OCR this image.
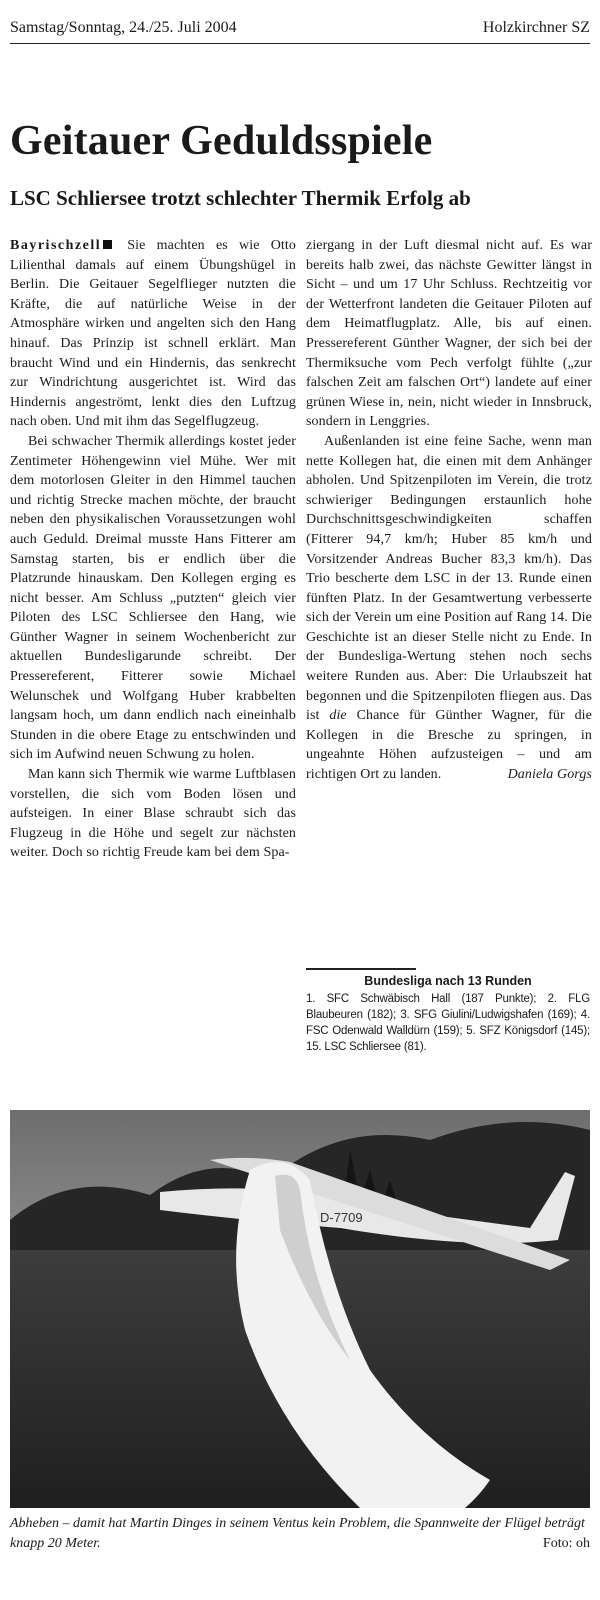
Samstag/Sonntag, 24./25. Juli 2004	Holzkirchner SZ
Geitauer Geduldsspiele
LSC Schliersee trotzt schlechter Thermik Erfolg ab

Bayrischzell Sie machten es wie Otto Lilienthal damals auf einem Übungshügel in Berlin. Die Geitauer Segelflieger nutzten die Kräfte, die auf natürliche Weise in der Atmosphäre wirken und angelten sich den Hang hinauf. Das Prinzip ist schnell erklärt. Man braucht Wind und ein Hindernis, das senkrecht zur Windrichtung ausgerichtet ist. Wird das Hindernis angeströmt, lenkt dies den Luftzug nach oben. Und mit ihm das Segelflugzeug.

Bei schwacher Thermik allerdings kostet jeder Zentimeter Höhengewinn viel Mühe. Wer mit dem motorlosen Gleiter in den Himmel tauchen und richtig Strecke machen möchte, der braucht neben den physikalischen Voraussetzungen wohl auch Geduld. Dreimal musste Hans Fitterer am Samstag starten, bis er endlich über die Platzrunde hinauskam. Den Kollegen erging es nicht besser. Am Schluss „putzten“ gleich vier Piloten des LSC Schliersee den Hang, wie Günther Wagner in seinem Wochenbericht zur aktuellen Bundesligarunde schreibt. Der Pressereferent, Fitterer sowie Michael Welunschek und Wolfgang Huber krabbelten langsam hoch, um dann endlich nach eineinhalb Stunden in die obere Etage zu entschwinden und sich im Aufwind neuen Schwung zu holen.

Man kann sich Thermik wie warme Luftblasen vorstellen, die sich vom Boden lösen und aufsteigen. In einer Blase schraubt sich das Flugzeug in die Höhe und segelt zur nächsten weiter. Doch so richtig Freude kam bei dem Spa-

ziergang in der Luft diesmal nicht auf. Es war bereits halb zwei, das nächste Gewitter längst in Sicht – und um 17 Uhr Schluss. Rechtzeitig vor der Wetterfront landeten die Geitauer Piloten auf dem Heimatflugplatz. Alle, bis auf einen. Pressereferent Günther Wagner, der sich bei der Thermiksuche vom Pech verfolgt fühlte („zur falschen Zeit am falschen Ort“) landete auf einer grünen Wiese in, nein, nicht wieder in Innsbruck, sondern in Lenggries.

Außenlanden ist eine feine Sache, wenn man nette Kollegen hat, die einen mit dem Anhänger abholen. Und Spitzenpiloten im Verein, die trotz schwieriger Bedingungen erstaunlich hohe Durchschnittsgeschwindigkeiten schaffen (Fitterer 94,7 km/h; Huber 85 km/h und Vorsitzender Andreas Bucher 83,3 km/h). Das Trio bescherte dem LSC in der 13. Runde einen fünften Platz. In der Gesamtwertung verbesserte sich der Verein um eine Position auf Rang 14. Die Geschichte ist an dieser Stelle nicht zu Ende. In der Bundesliga-Wertung stehen noch sechs weitere Runden aus. Aber: Die Urlaubszeit hat begonnen und die Spitzenpiloten fliegen aus. Das ist die Chance für Günther Wagner, für die Kollegen in die Bresche zu springen, in ungeahnte Höhen aufzusteigen – und am richtigen Ort zu landen.	Daniela Gorgs

Bundesliga nach 13 Runden

1. SFC Schwäbisch Hall (187 Punkte); 2. FLG Blaubeuren (182); 3. SFG Giulini/Ludwigshafen (169); 4. FSC Odenwald Walldürn (159); 5. SFZ Königsdorf (145); 15. LSC Schliersee (81).

D-7709
Abheben – damit hat Martin Dinges in seinem Ventus kein Problem, die Spannweite der Flügel beträgt knapp 20 Meter.	Foto: oh
